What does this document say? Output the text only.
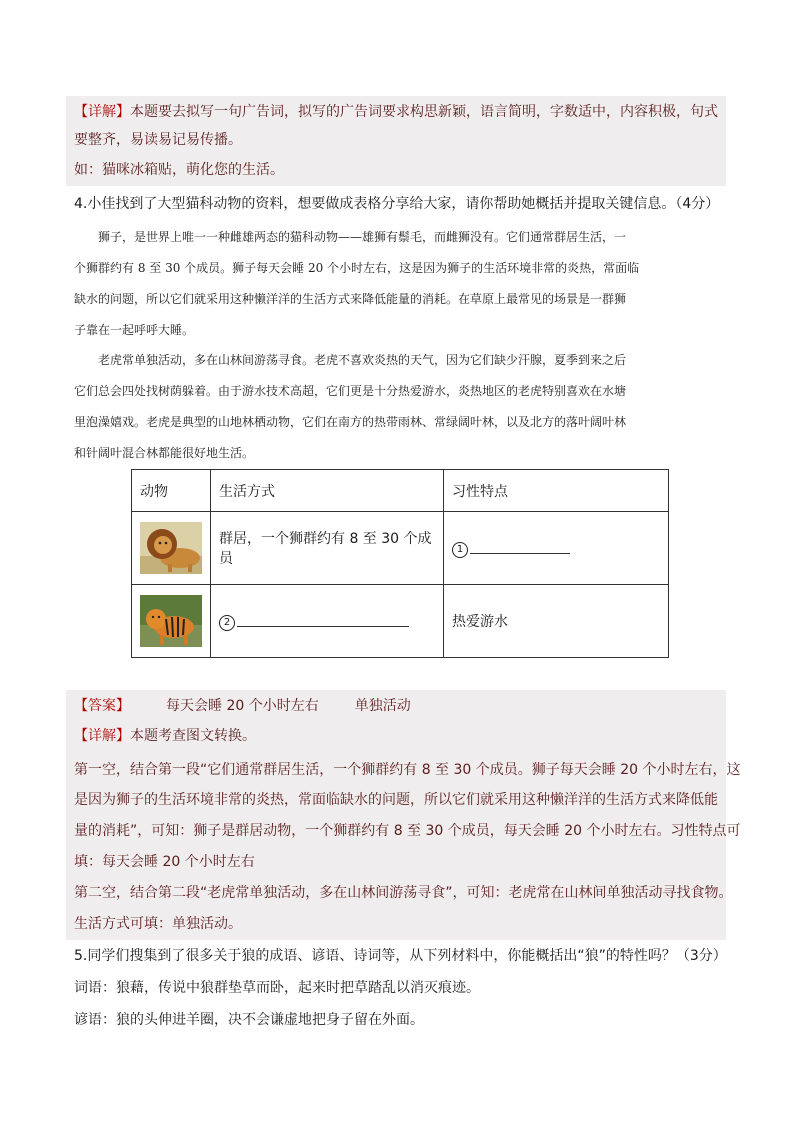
【详解】本题要去拟写一句广告词，拟写的广告词要求构思新颖，语言简明，字数适中，内容积极，句式
要整齐，易读易记易传播。
如：猫咪冰箱贴，萌化您的生活。
4.小佳找到了大型猫科动物的资料，想要做成表格分享给大家，请你帮助她概括并提取关键信息。（4分）
狮子，是世界上唯一一种雌雄两态的猫科动物——雄狮有鬃毛，而雌狮没有。它们通常群居生活，一
个狮群约有 8 至 30 个成员。狮子每天会睡 20 个小时左右，这是因为狮子的生活环境非常的炎热，常面临
缺水的问题，所以它们就采用这种懒洋洋的生活方式来降低能量的消耗。在草原上最常见的场景是一群狮
子靠在一起呼呼大睡。
老虎常单独活动，多在山林间游荡寻食。老虎不喜欢炎热的天气，因为它们缺少汗腺，夏季到来之后
它们总会四处找树荫躲着。由于游水技术高超，它们更是十分热爱游水，炎热地区的老虎特别喜欢在水塘
里泡澡嬉戏。老虎是典型的山地林栖动物，它们在南方的热带雨林、常绿阔叶林，以及北方的落叶阔叶林
和针阔叶混合林都能很好地生活。
动物	生活方式	习性特点

	群居，一个狮群约有 8 至 30 个成员	1

	2	热爱游水
【答案】	每天会睡 20 个小时左右	单独活动
【详解】本题考查图文转换。
第一空，结合第一段“它们通常群居生活，一个狮群约有 8 至 30 个成员。狮子每天会睡 20 个小时左右，这
是因为狮子的生活环境非常的炎热，常面临缺水的问题，所以它们就采用这种懒洋洋的生活方式来降低能
量的消耗”，可知：狮子是群居动物，一个狮群约有 8 至 30 个成员，每天会睡 20 个小时左右。习性特点可
填：每天会睡 20 个小时左右
第二空，结合第二段“老虎常单独活动，多在山林间游荡寻食”，可知：老虎常在山林间单独活动寻找食物。
生活方式可填：单独活动。
5.同学们搜集到了很多关于狼的成语、谚语、诗词等，从下列材料中，你能概括出“狼”的特性吗？（3分）
词语：狼藉，传说中狼群垫草而卧，起来时把草踏乱以消灭痕迹。
谚语：狼的头伸进羊圈，决不会谦虚地把身子留在外面。
